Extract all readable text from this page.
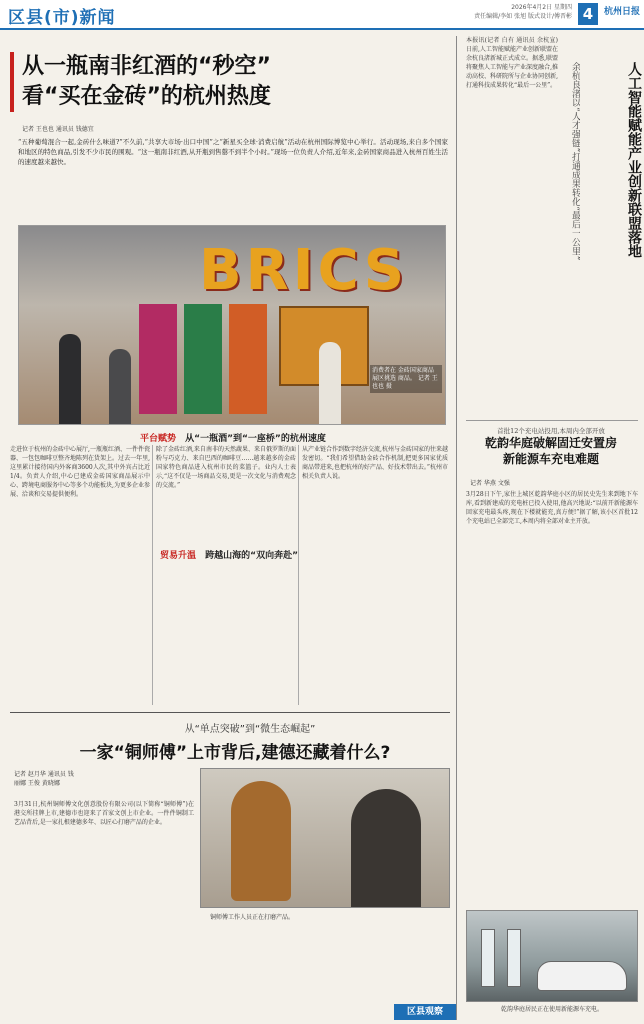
区县(市)新闻
2026年4月2日 星期四
责任编辑/李如 张旭 版式设计/傅晋彬 4	杭州日报
从一瓶南非红酒的“秒空”
看“买在金砖”的杭州热度
记者 王也也 通讯员 钱德宜
“五种葡萄混合一起,金砖什么味道?”不久前,“共享大市场·出口中国”之“新星买全球·消费启航”活动在杭州国际博览中心举行。活动现场,来自多个国家和地区的特色商品,引发不少市民的围观。“这一瓶南非红酒,从开瓶到售罄不到半个小时。”现场一位负责人介绍,近年来,金砖国家商品进入杭州百姓生活的速度越来越快。
BRICS
消费者在 金砖国家商品 展区挑选 商品。 记者 王也也 摄
平台赋势 从“一瓶酒”到“一座桥”的杭州速度
走进位于杭州的金砖中心展厅,一瓶瓶红酒、一件件瓷器、一包包咖啡豆整齐地陈列在货架上。过去一年里,这里累计接待国内外客商3600人次,其中外宾占比近1/4。负责人介绍,中心已建成金砖国家商品展示中心、跨境电商服务中心等多个功能板块,为更多企业参展、洽谈和交易提供便利。
除了金砖红酒,来自南非的天然蔬果、来自俄罗斯的面粉与巧克力、来自巴西的咖啡豆……越来越多的金砖国家特色商品进入杭州市民的菜篮子。业内人士表示,“这不仅是一场商品交易,更是一次文化与消费观念的交流。”
从产业链合作到数字经济交流,杭州与金砖国家的往来越发密切。“我们希望借助金砖合作机制,把更多国家优质商品带进来,也把杭州的好产品、好技术带出去。”杭州市相关负责人说。
贸易升温 跨越山海的“双向奔赴”
人工智能赋能产业创新联盟落地
余杭良渚以“人才强链”打通成果转化“最后一公里”
本报讯(记者 白有 通讯员 余杭宣)日前,人工智能赋能产业创新联盟在余杭良渚新城正式成立。据悉,联盟将聚焦人工智能与产业深度融合,推动高校、科研院所与企业协同创新,打通科技成果转化“最后一公里”。
首批12个充电站投用,本周内全部开放
乾韵华庭破解固迁安置房
新能源车充电难题
记者 华燕 文强
3月28日下午,家住上城区乾韵华庭小区的居民史先生来到地下车库,看到新建成的充电桩已投入使用,他高兴地说:“以前开新能源车回家充电最头疼,现在下楼就能充,真方便!”据了解,该小区首批12个充电站已全部完工,本周内将全部对业主开放。
乾韵华庭居民正在使用新能源车充电。
从“单点突破”到“微生态崛起”
一家“铜师傅”上市背后,建德还藏着什么?
记者 赵月华 通讯员 钱丽娜 王俊 黄晓娜
3月31日,杭州铜师傅文化创意股份有限公司(以下简称“铜师傅”)在港交所挂牌上市,建德市也迎来了首家文创上市企业。一件件铜制工艺品背后,是一家扎根建德多年、以匠心打磨产品的企业。
铜师傅工作人员正在打磨产品。
区县观察
